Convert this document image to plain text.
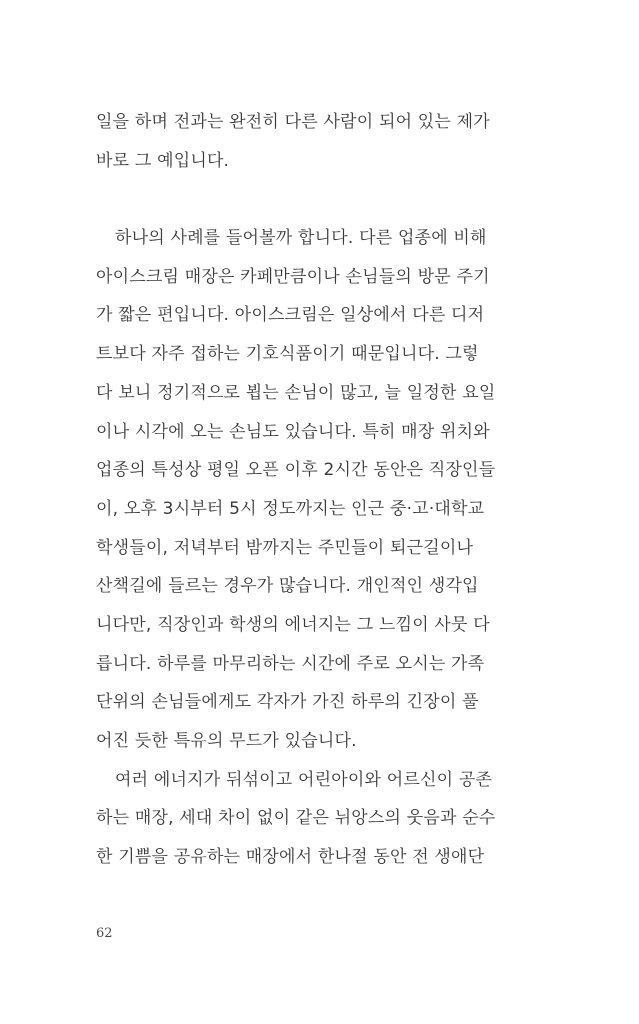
일을 하며 전과는 완전히 다른 사람이 되어 있는 제가
바로 그 예입니다.
하나의 사례를 들어볼까 합니다. 다른 업종에 비해
아이스크림 매장은 카페만큼이나 손님들의 방문 주기
가 짧은 편입니다. 아이스크림은 일상에서 다른 디저
트보다 자주 접하는 기호식품이기 때문입니다. 그렇
다 보니 정기적으로 뵙는 손님이 많고, 늘 일정한 요일
이나 시각에 오는 손님도 있습니다. 특히 매장 위치와
업종의 특성상 평일 오픈 이후 2시간 동안은 직장인들
이, 오후 3시부터 5시 정도까지는 인근 중·고·대학교
학생들이, 저녁부터 밤까지는 주민들이 퇴근길이나
산책길에 들르는 경우가 많습니다. 개인적인 생각입
니다만, 직장인과 학생의 에너지는 그 느낌이 사뭇 다
릅니다. 하루를 마무리하는 시간에 주로 오시는 가족
단위의 손님들에게도 각자가 가진 하루의 긴장이 풀
어진 듯한 특유의 무드가 있습니다.
여러 에너지가 뒤섞이고 어린아이와 어르신이 공존
하는 매장, 세대 차이 없이 같은 뉘앙스의 웃음과 순수
한 기쁨을 공유하는 매장에서 한나절 동안 전 생애단
62
